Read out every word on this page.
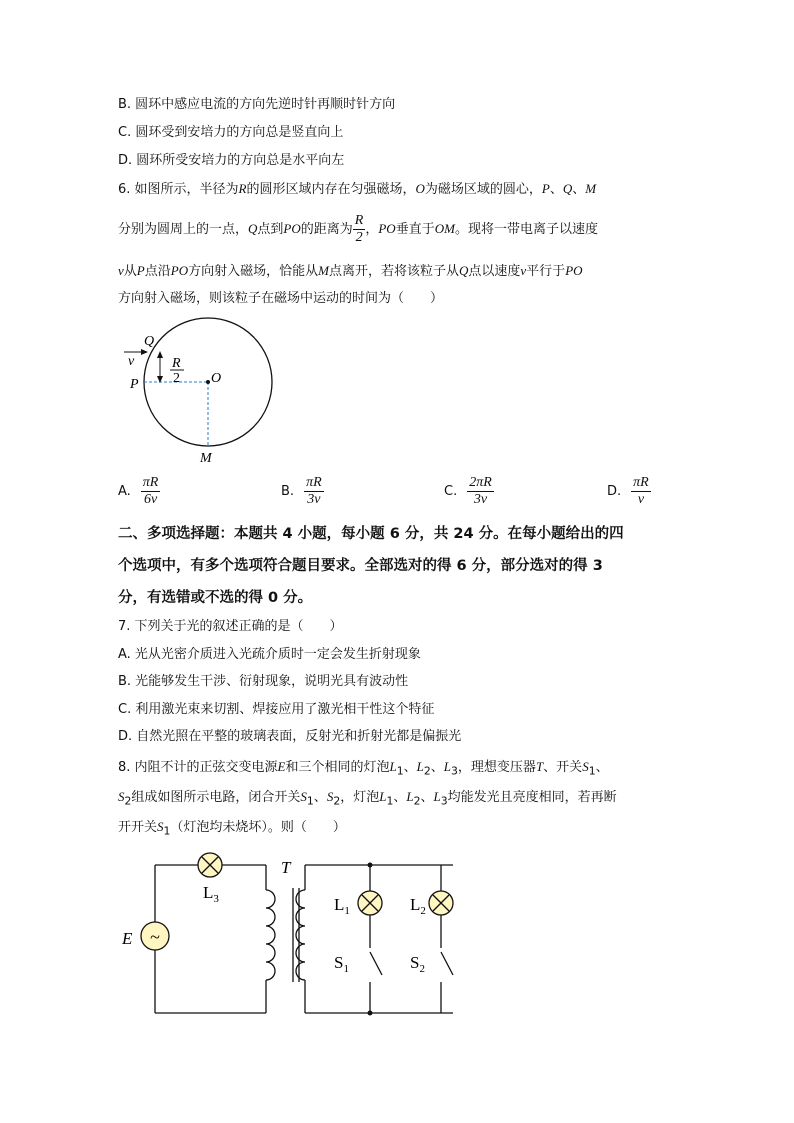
B. 圆环中感应电流的方向先逆时针再顺时针方向
C. 圆环受到安培力的方向总是竖直向上
D. 圆环所受安培力的方向总是水平向左
6. 如图所示，半径为R的圆形区域内存在匀强磁场，O为磁场区域的圆心，P、Q、M
分别为圆周上的一点，Q点到PO的距离为 $\frac{R}{2}$ ，PO垂直于OM。现将一带电离子以速度
v从P点沿PO方向射入磁场，恰能从M点离开，若将该粒子从Q点以速度v平行于PO
方向射入磁场，则该粒子在磁场中运动的时间为（　　）
Q
v
P
R
2 O
M
A. $\frac{\pi R}{6v}$	B. $\frac{\pi R}{3v}$	C. $\frac{2\pi R}{3v}$	D. $\frac{\pi R}{v}$
二、多项选择题：本题共 4 小题，每小题 6 分，共 24 分。在每小题给出的四
个选项中，有多个选项符合题目要求。全部选对的得 6 分，部分选对的得 3
分，有选错或不选的得 0 分。
7. 下列关于光的叙述正确的是（　　）
A. 光从光密介质进入光疏介质时一定会发生折射现象
B. 光能够发生干涉、衍射现象，说明光具有波动性
C. 利用激光束来切割、焊接应用了激光相干性这个特征
D. 自然光照在平整的玻璃表面，反射光和折射光都是偏振光
8. 内阻不计的正弦交变电源E和三个相同的灯泡$L_1$、$L_2$、$L_3$，理想变压器T、开关$S_1$、
$S_2$组成如图所示电路，闭合开关$S_1$、$S_2$，灯泡$L_1$、$L_2$、$L_3$均能发光且亮度相同，若再断
开开关$S_1$（灯泡均未烧坏）。则（　　）
~
$L_3$
T
E
$L_1$	$L_2$
$S_1$	$S_2$
